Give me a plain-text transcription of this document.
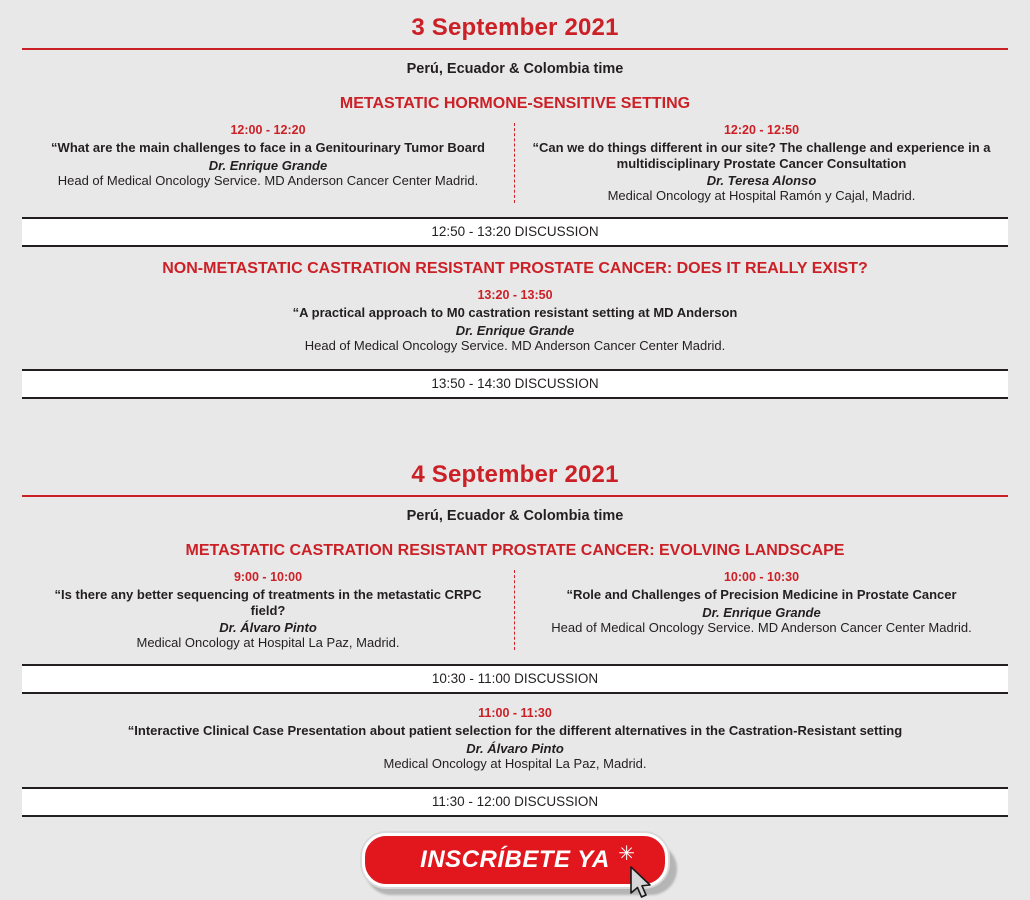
3 September 2021
Perú, Ecuador & Colombia time
METASTATIC HORMONE-SENSITIVE SETTING
12:00 - 12:20
“What are the main challenges to face in a Genitourinary Tumor Board
Dr. Enrique Grande
Head of Medical Oncology Service. MD Anderson Cancer Center Madrid.
12:20 - 12:50
“Can we do things different in our site? The challenge and experience in a multidisciplinary Prostate Cancer Consultation
Dr. Teresa Alonso
Medical Oncology at Hospital Ramón y Cajal, Madrid.
12:50 - 13:20 DISCUSSION
NON-METASTATIC CASTRATION RESISTANT PROSTATE CANCER: DOES IT REALLY EXIST?
13:20 - 13:50
“A practical approach to M0 castration resistant setting at MD Anderson
Dr. Enrique Grande
Head of Medical Oncology Service. MD Anderson Cancer Center Madrid.
13:50 - 14:30 DISCUSSION
4 September 2021
Perú, Ecuador & Colombia time
METASTATIC CASTRATION RESISTANT PROSTATE CANCER: EVOLVING LANDSCAPE
9:00 - 10:00
“Is there any better sequencing of treatments in the metastatic CRPC field?
Dr. Álvaro Pinto
Medical Oncology at Hospital La Paz, Madrid.
10:00 - 10:30
“Role and Challenges of Precision Medicine in Prostate Cancer
Dr. Enrique Grande
Head of Medical Oncology Service. MD Anderson Cancer Center Madrid.
10:30 - 11:00 DISCUSSION
11:00 - 11:30
“Interactive Clinical Case Presentation about patient selection for the different alternatives in the Castration-Resistant setting
Dr. Álvaro Pinto
Medical Oncology at Hospital La Paz, Madrid.
11:30 - 12:00 DISCUSSION
INSCRÍBETE YA ✳
